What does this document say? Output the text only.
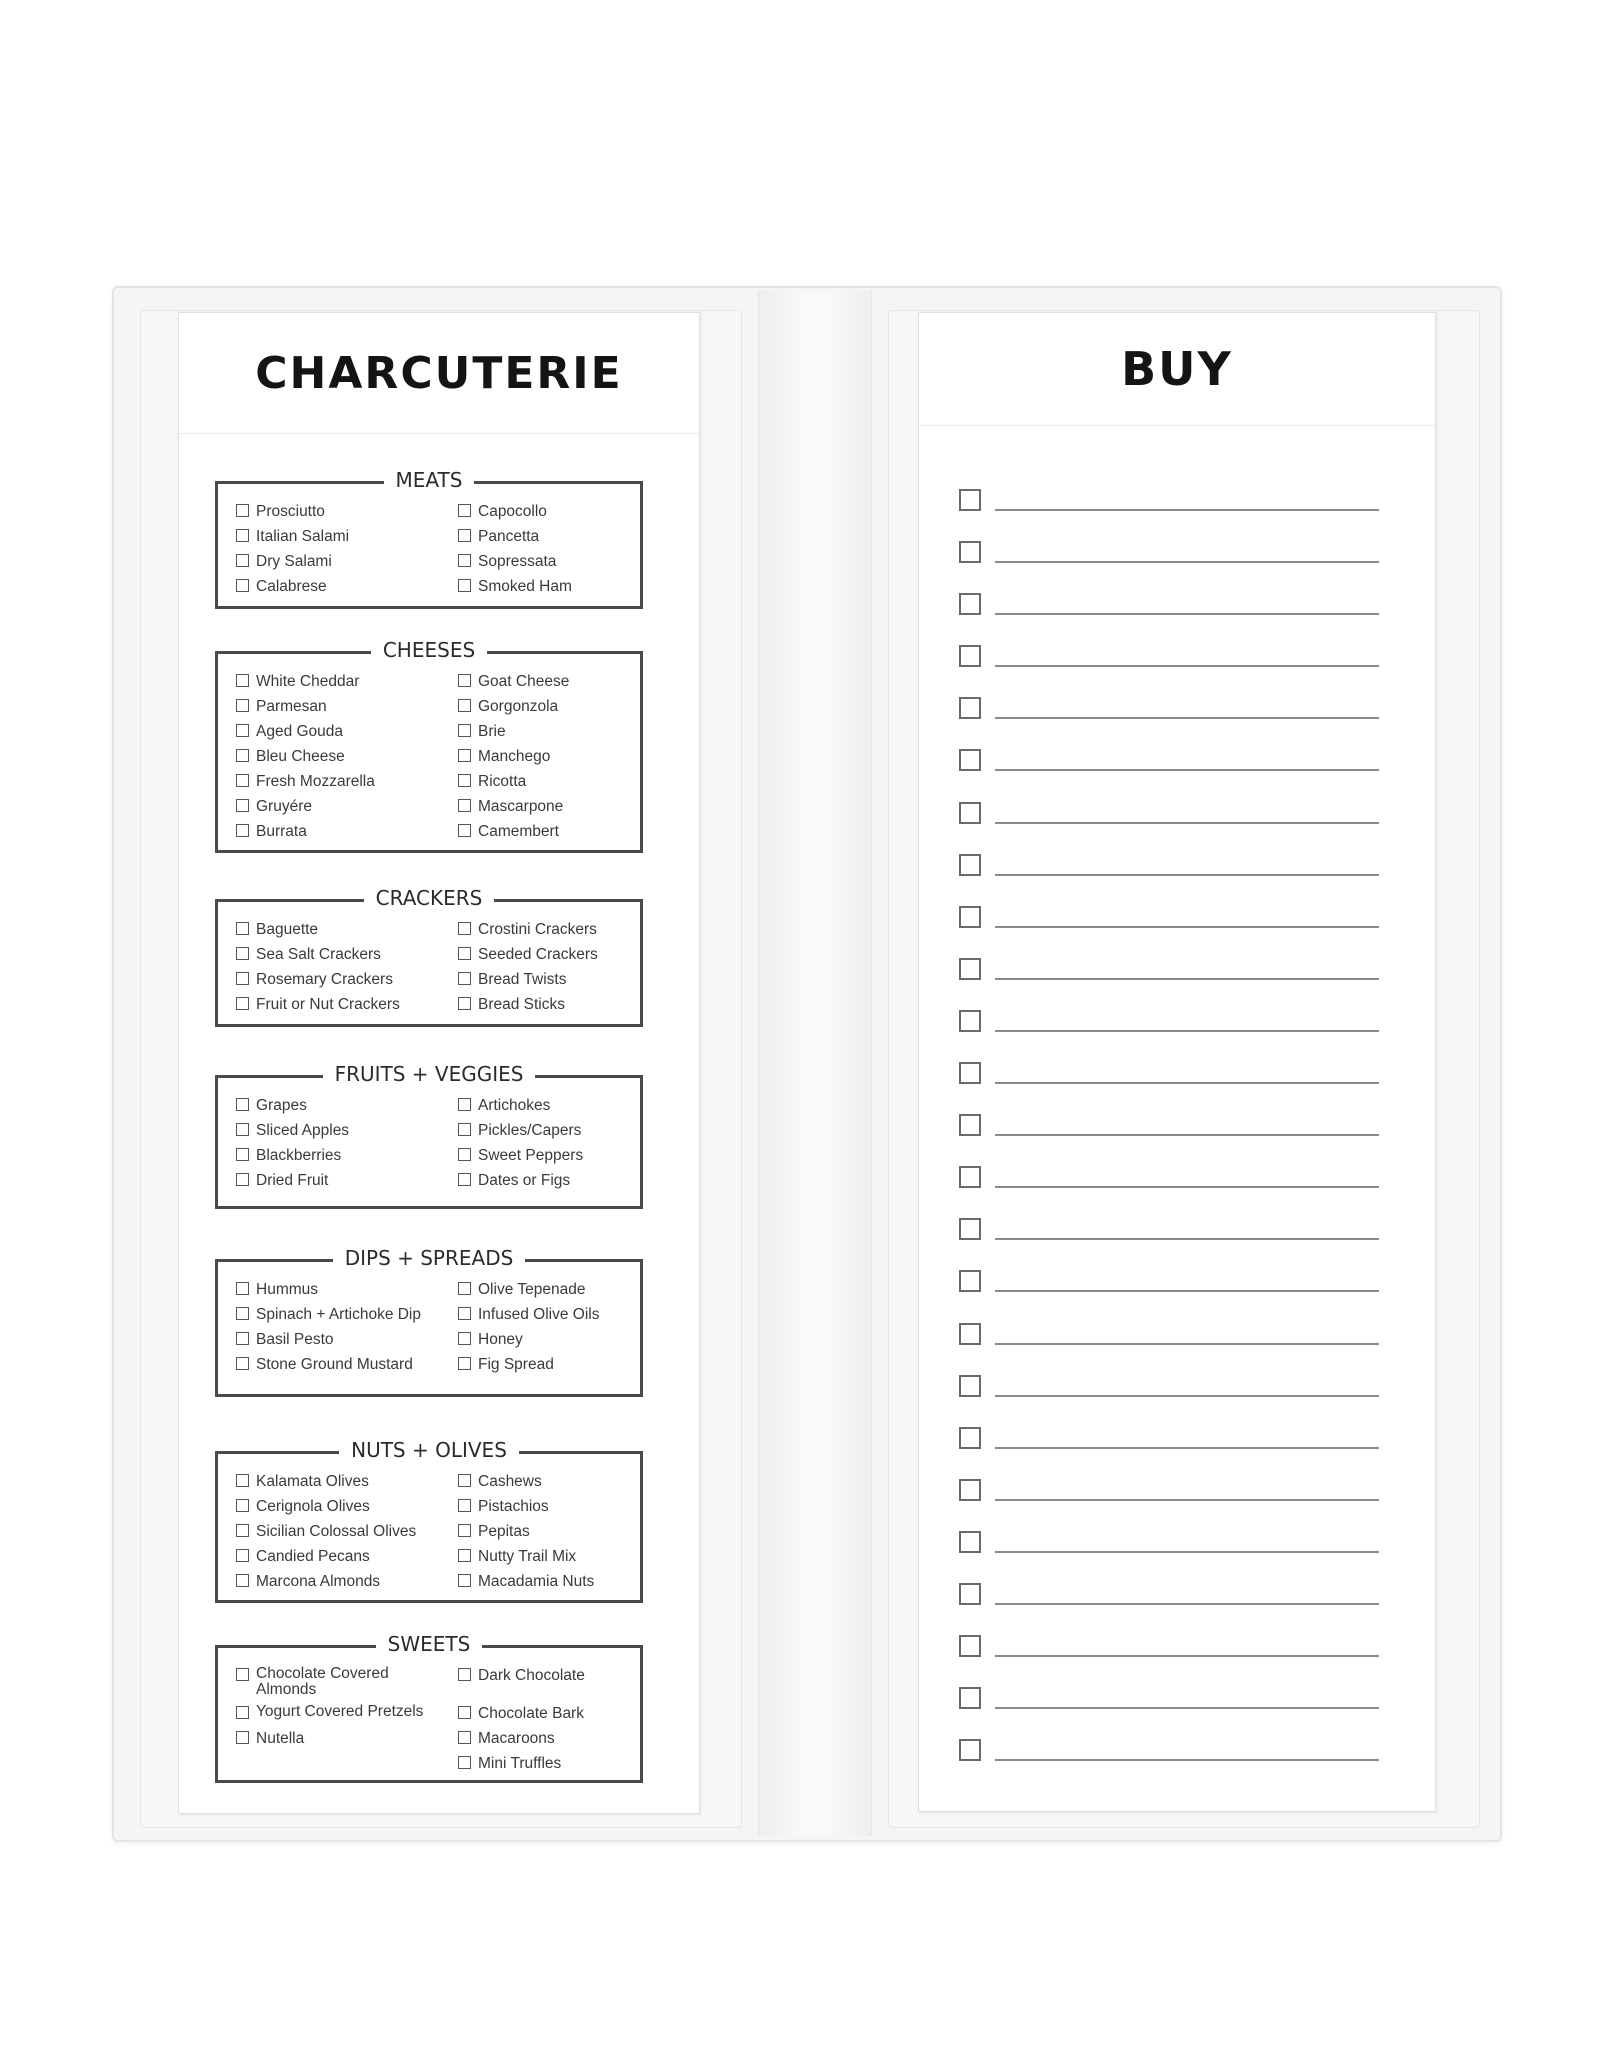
CHARCUTERIE
MEATS
Prosciutto
Italian Salami
Dry Salami
Calabrese
Capocollo
Pancetta
Sopressata
Smoked Ham
CHEESES
White Cheddar
Parmesan
Aged Gouda
Bleu Cheese
Fresh Mozzarella
Gruyére
Burrata
Goat Cheese
Gorgonzola
Brie
Manchego
Ricotta
Mascarpone
Camembert
CRACKERS
Baguette
Sea Salt Crackers
Rosemary Crackers
Fruit or Nut Crackers
Crostini Crackers
Seeded Crackers
Bread Twists
Bread Sticks
FRUITS + VEGGIES
Grapes
Sliced Apples
Blackberries
Dried Fruit
Artichokes
Pickles/Capers
Sweet Peppers
Dates or Figs
DIPS + SPREADS
Hummus
Spinach + Artichoke Dip
Basil Pesto
Stone Ground Mustard
Olive Tepenade
Infused Olive Oils
Honey
Fig Spread
NUTS + OLIVES
Kalamata Olives
Cerignola Olives
Sicilian Colossal Olives
Candied Pecans
Marcona Almonds
Cashews
Pistachios
Pepitas
Nutty Trail Mix
Macadamia Nuts
SWEETS
Chocolate Covered Almonds
Yogurt Covered Pretzels
Nutella
Dark Chocolate
Chocolate Bark
Macaroons
Mini Truffles
BUY
